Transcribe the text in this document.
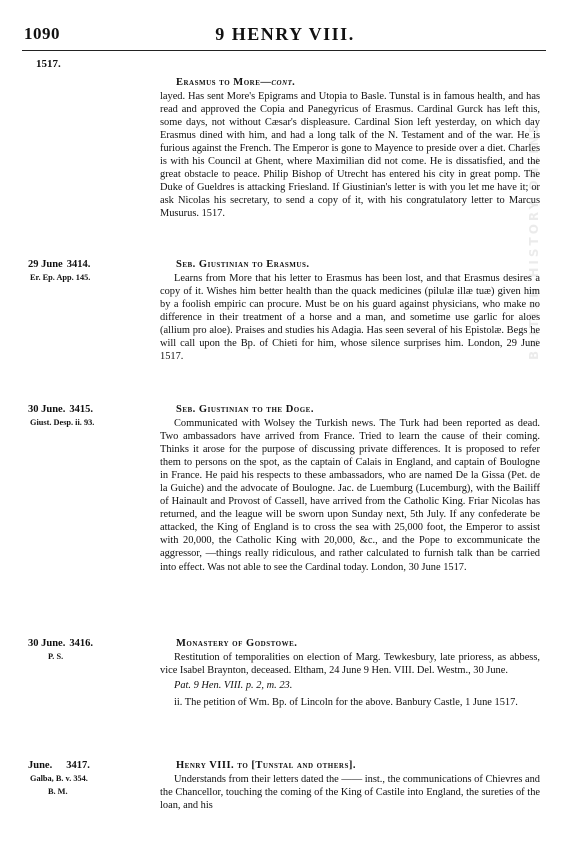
1090	9 HENRY VIII.
1517.
Erasmus to More—cont.

layed. Has sent More's Epigrams and Utopia to Basle. Tunstal is in famous health, and has read and approved the Copia and Panegyricus of Erasmus. Cardinal Gurck has left this, some days, not without Cæsar's displeasure. Cardinal Sion left yesterday, on which day Erasmus dined with him, and had a long talk of the N. Testament and of the war. He is furious against the French. The Emperor is gone to Mayence to preside over a diet. Charles is with his Council at Ghent, where Maximilian did not come. He is dissatisfied, and the great obstacle to peace. Philip Bishop of Utrecht has entered his city in great pomp. The Duke of Gueldres is attacking Friesland. If Giustinian's letter is with you let me have it; or ask Nicolas his secretary, to send a copy of it, with his congratulatory letter to Marcus Musurus. 1517.

29 June 3414.
Er. Ep. App. 145.
Seb. Giustinian to Erasmus.

Learns from More that his letter to Erasmus has been lost, and that Erasmus desires a copy of it. Wishes him better health than the quack medicines (pilulæ illæ tuæ) given him by a foolish empiric can procure. Must be on his guard against physicians, who make no difference in their treatment of a horse and a man, and sometime use garlic for aloes (allium pro aloe). Praises and studies his Adagia. Has seen several of his Epistolæ. Begs he will call upon the Bp. of Chieti for him, whose silence surprises him. London, 29 June 1517.

30 June. 3415.
Giust. Desp. ii. 93.
Seb. Giustinian to the Doge.

Communicated with Wolsey the Turkish news. The Turk had been reported as dead. Two ambassadors have arrived from France. Tried to learn the cause of their coming. Thinks it arose for the purpose of discussing private differences. It is proposed to refer them to persons on the spot, as the captain of Calais in England, and captain of Boulogne in France. He paid his respects to these ambassadors, who are named De la Gissa (Pet. de la Guiche) and the advocate of Boulogne. Jac. de Luemburg (Lucemburg), with the Bailiff of Hainault and Provost of Cassell, have arrived from the Catholic King. Friar Nicolas has returned, and the league will be sworn upon Sunday next, 5th July. If any confederate be attacked, the King of England is to cross the sea with 25,000 foot, the Emperor to assist with 20,000, the Catholic King with 20,000, &c., and the Pope to excommunicate the aggressor, —things really ridiculous, and rather calculated to furnish talk than be carried into effect. Was not able to see the Cardinal today. London, 30 June 1517.

30 June. 3416.
P. S.
Monastery of Godstowe.

Restitution of temporalities on election of Marg. Tewkesbury, late prioress, as abbess, vice Isabel Braynton, deceased. Eltham, 24 June 9 Hen. VIII. Del. Westm., 30 June.

Pat. 9 Hen. VIII. p. 2, m. 23.

ii. The petition of Wm. Bp. of Lincoln for the above. Banbury Castle, 1 June 1517.

June. 3417.
Galba, B. v. 354.
B. M.
Henry VIII. to [Tunstal and others].

Understands from their letters dated the —— inst., the communications of Chievres and the Chancellor, touching the coming of the King of Castile into England, the sureties of the loan, and his

BRITISH HISTORY ONLINE
